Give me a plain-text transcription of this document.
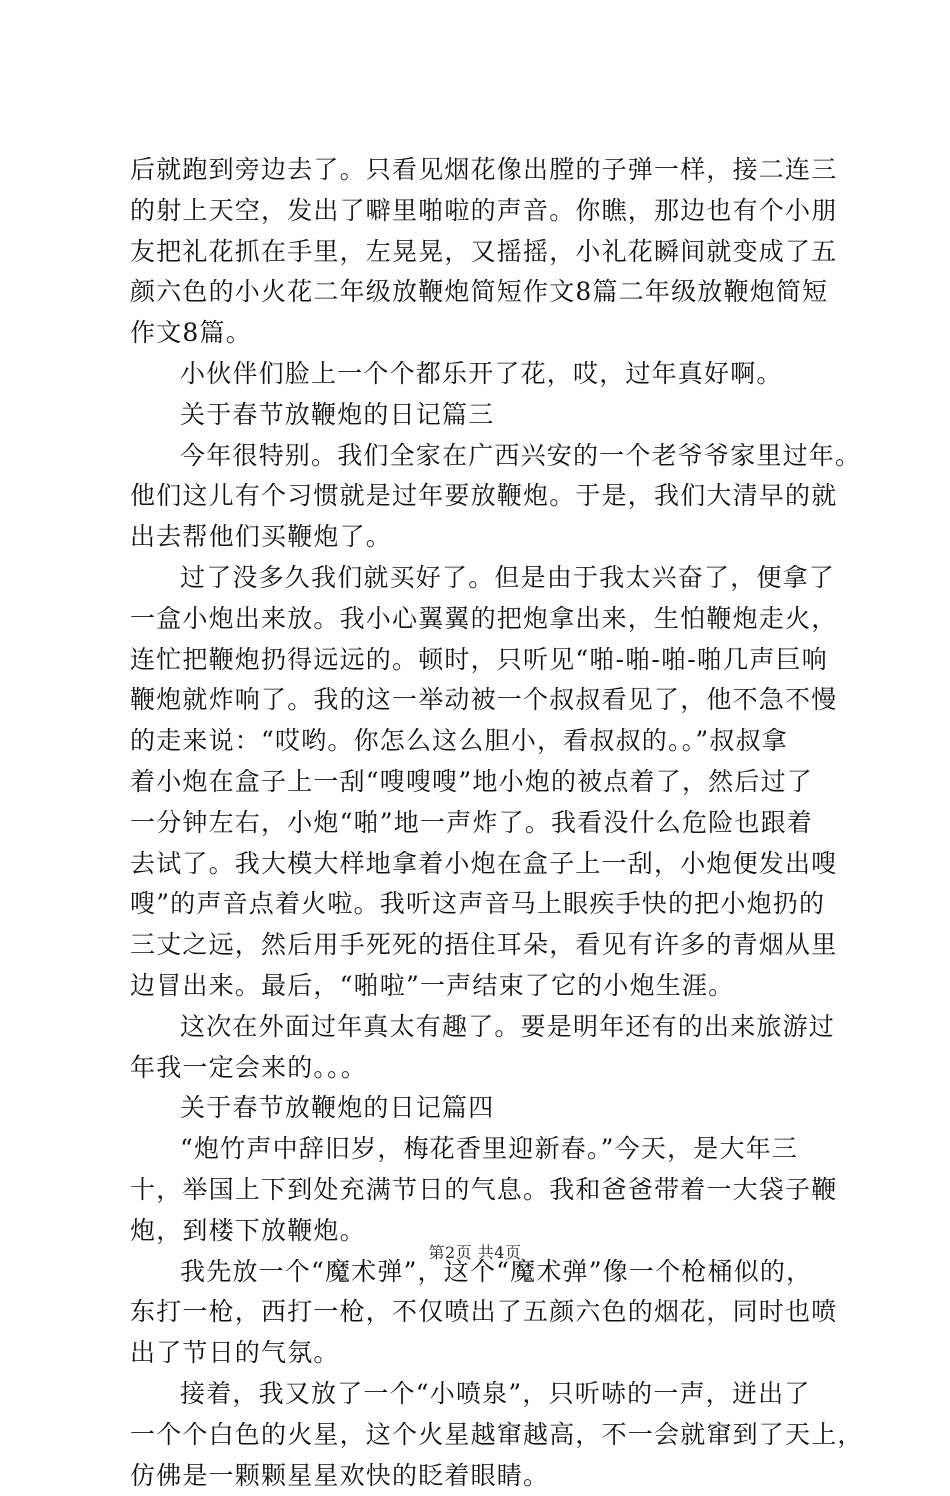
后就跑到旁边去了。只看见烟花像出膛的子弹一样，接二连三
的射上天空，发出了噼里啪啦的声音。你瞧，那边也有个小朋
友把礼花抓在手里，左晃晃，又摇摇，小礼花瞬间就变成了五
颜六色的小火花二年级放鞭炮简短作文8篇二年级放鞭炮简短
作文8篇。
小伙伴们脸上一个个都乐开了花，哎，过年真好啊。
关于春节放鞭炮的日记篇三
今年很特别。我们全家在广西兴安的一个老爷爷家里过年。
他们这儿有个习惯就是过年要放鞭炮。于是，我们大清早的就
出去帮他们买鞭炮了。
过了没多久我们就买好了。但是由于我太兴奋了，便拿了
一盒小炮出来放。我小心翼翼的把炮拿出来，生怕鞭炮走火，
连忙把鞭炮扔得远远的。顿时，只听见“啪-啪-啪-啪几声巨响
鞭炮就炸响了。我的这一举动被一个叔叔看见了，他不急不慢
的走来说：“哎哟。你怎么这么胆小，看叔叔的。。”叔叔拿
着小炮在盒子上一刮“嗖嗖嗖”地小炮的被点着了，然后过了
一分钟左右，小炮“啪”地一声炸了。我看没什么危险也跟着
去试了。我大模大样地拿着小炮在盒子上一刮，小炮便发出嗖
嗖”的声音点着火啦。我听这声音马上眼疾手快的把小炮扔的
三丈之远，然后用手死死的捂住耳朵，看见有许多的青烟从里
边冒出来。最后，“啪啦”一声结束了它的小炮生涯。
这次在外面过年真太有趣了。要是明年还有的出来旅游过
年我一定会来的。。。
关于春节放鞭炮的日记篇四
“炮竹声中辞旧岁，梅花香里迎新春。”今天，是大年三
十，举国上下到处充满节日的气息。我和爸爸带着一大袋子鞭
炮，到楼下放鞭炮。
我先放一个“魔术弹”，这个“魔术弹”像一个枪桶似的，
东打一枪，西打一枪，不仅喷出了五颜六色的烟花，同时也喷
出了节日的气氛。
接着，我又放了一个“小喷泉”，只听哧的一声，迸出了
一个个白色的火星，这个火星越窜越高，不一会就窜到了天上，
仿佛是一颗颗星星欢快的眨着眼睛。
第2页 共4页
